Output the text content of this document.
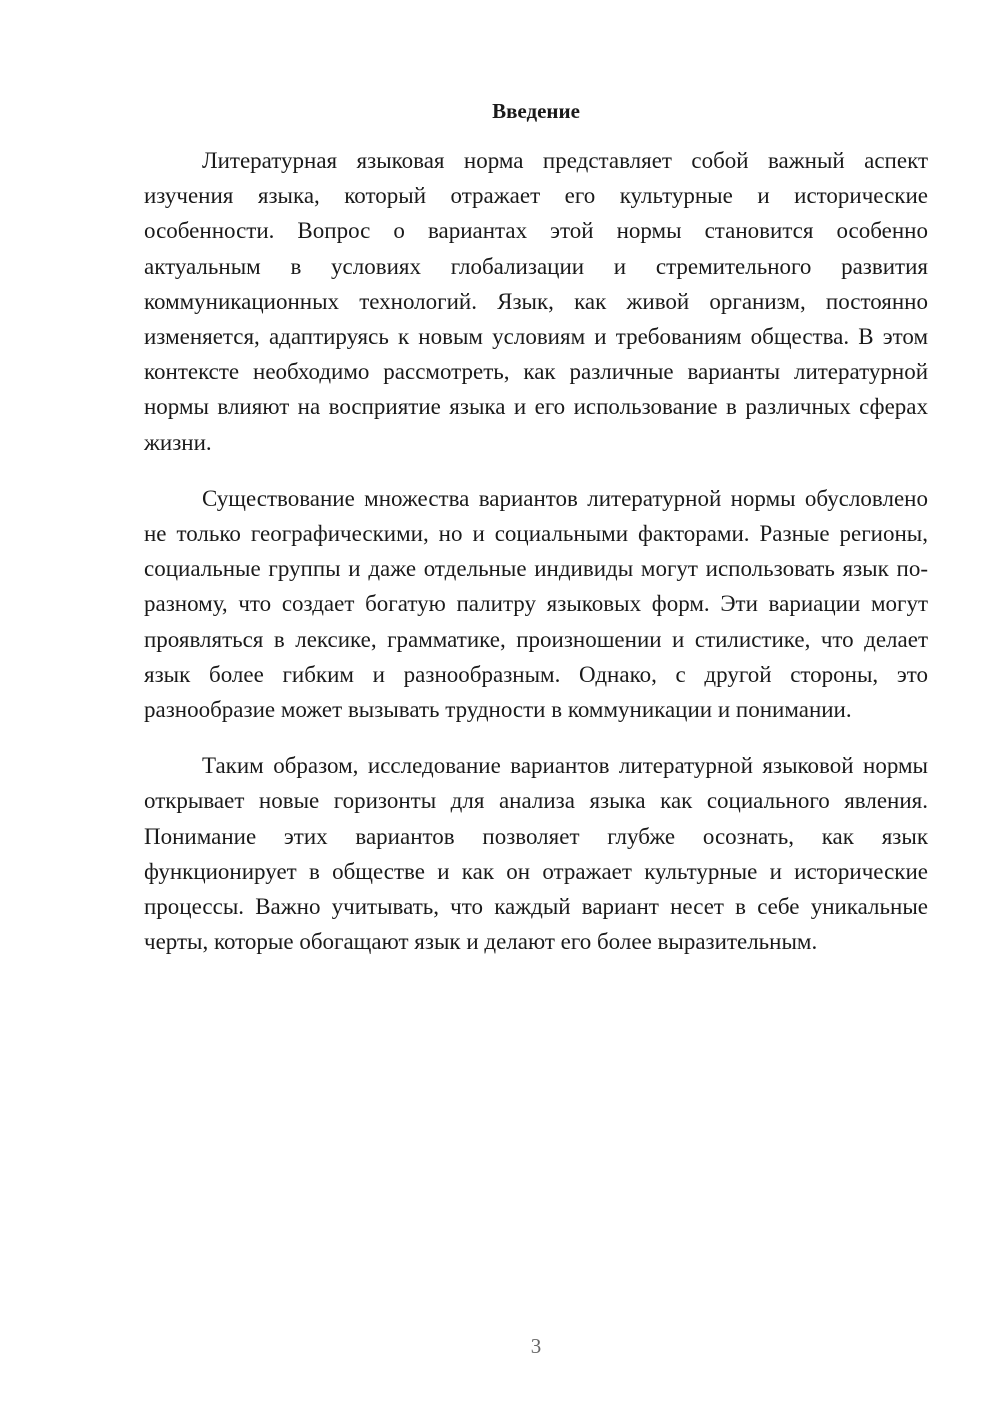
Введение

Литературная языковая норма представляет собой важный аспект изучения языка, который отражает его культурные и исторические особенности. Вопрос о вариантах этой нормы становится особенно актуальным в условиях глобализации и стремительного развития коммуникационных технологий. Язык, как живой организм, постоянно изменяется, адаптируясь к новым условиям и требованиям общества. В этом контексте необходимо рассмотреть, как различные варианты литературной нормы влияют на восприятие языка и его использование в различных сферах жизни.

Существование множества вариантов литературной нормы обусловлено не только географическими, но и социальными факторами. Разные регионы, социальные группы и даже отдельные индивиды могут использовать язык по-разному, что создает богатую палитру языковых форм. Эти вариации могут проявляться в лексике, грамматике, произношении и стилистике, что делает язык более гибким и разнообразным. Однако, с другой стороны, это разнообразие может вызывать трудности в коммуникации и понимании.

Таким образом, исследование вариантов литературной языковой нормы открывает новые горизонты для анализа языка как социального явления. Понимание этих вариантов позволяет глубже осознать, как язык функционирует в обществе и как он отражает культурные и исторические процессы. Важно учитывать, что каждый вариант несет в себе уникальные черты, которые обогащают язык и делают его более выразительным.

3
